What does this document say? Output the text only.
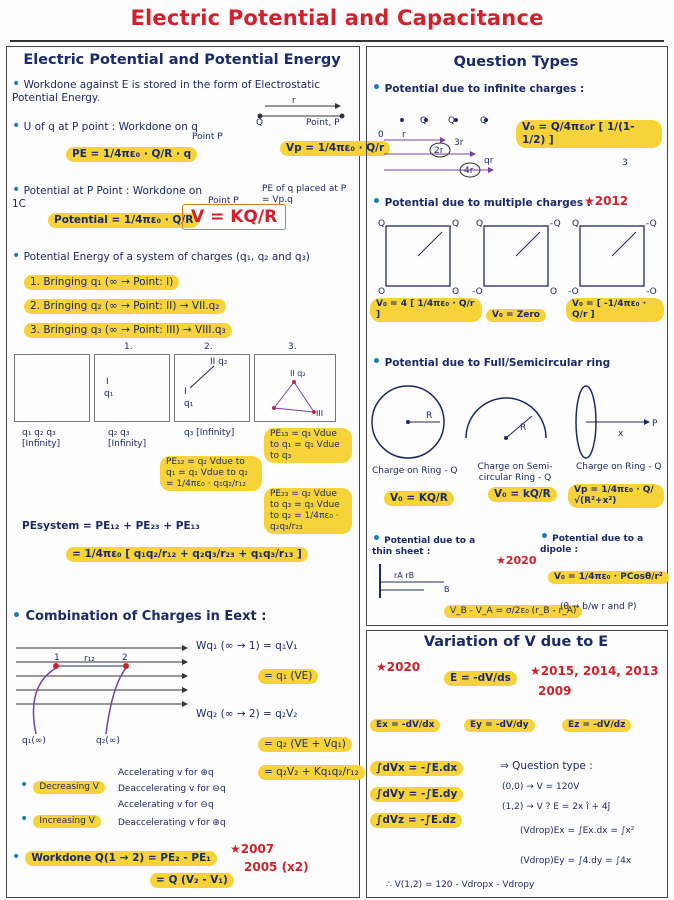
Electric Potential and Capacitance
Electric Potential and Potential Energy
• Workdone against E is stored in the form of Electrostatic Potential Energy.
• U of q at P point : Workdone on q
Point P
r
Q	Point, P
PE = 1/4πε₀ · Q/R · q	Vp = 1/4πε₀ · Q/r
• Potential at P Point : Workdone on 1C	Point P
PE of q placed at P = Vp.q
Potential = 1/4πε₀ · Q/R
V = KQ/R
• Potential Energy of a system of charges (q₁, q₂ and q₃)
1. Bringing q₁ (∞ → Point: I)
2. Bringing q₂ (∞ → Point: II) → VII.q₂
3. Bringing q₃ (∞ → Point: III) → VIII.q₃
1.	2.	3.
I
q₁	I
q₁
II q₂
II q₂
III
q₁ q₂ q₃ [Infinity]
q₂ q₃ [Infinity]
q₃ [Infinity]
PE₁₂ = q₂ Vdue to q₁ = q₁ Vdue to q₂ = 1/4πε₀ · q₁q₂/r₁₂
PE₁₃ = q₃ Vdue to q₁ = q₁ Vdue to q₃
PE₂₃ = q₂ Vdue to q₃ = q₃ Vdue to q₂ = 1/4πε₀ · q₂q₃/r₂₃
PEsystem = PE₁₂ + PE₂₃ + PE₁₃
= 1/4πε₀ [ q₁q₂/r₁₂ + q₂q₃/r₂₃ + q₁q₃/r₁₃ ]
• Combination of Charges in Eext :
1	2
r₁₂
q₁(∞)	q₂(∞)
Wq₁ (∞ → 1) = q₁V₁
= q₁ (VE)
Wq₂ (∞ → 2) = q₂V₂
= q₂ (VE + Vq₁)
= q₂V₂ + Kq₁q₂/r₁₂
• Decreasing V
Accelerating v for ⊕q
Deaccelerating v for ⊖q
• Increasing V
Accelerating v for ⊖q
Deaccelerating v for ⊕q
• Workdone Q(1 → 2) = PE₂ - PE₁
= Q (V₂ - V₁)
★2007
2005 (x2)
Question Types
• Potential due to infinite charges :
0 r
Q Q	Q
2r
3r
4r
qr	3
V₀ = Q/4πε₀r [ 1/(1-1/2) ]
• Potential due to multiple charges :
★2012
Q	Q
Q	Q
Q	-Q
-Q	Q
Q	-Q
-Q	-Q
V₀ = 4 [ 1/4πε₀ · Q/r ]	V₀ = Zero
V₀ = [ -1/4πε₀ · Q/r ]
• Potential due to Full/Semicircular ring
R
R	P
x
Charge on Ring - Q	Charge on Semi-circular Ring - Q
Charge on Ring - Q
V₀ = KQ/R	V₀ = kQ/R	Vp = 1/4πε₀ · Q/√(R²+x²)
• Potential due to a thin sheet :
★2020
rA rB
B
V_B - V_A = σ/2ε₀ (r_B - r_A)
• Potential due to a dipole :
V₀ = 1/4πε₀ · PCosθ/r²
(θ → b/w r and P)
Variation of V due to E
★2020
E = -dV/ds	★2015, 2014, 2013
2009
Ex = -dV/dx	Ey = -dV/dy	Ez = -dV/dz
∫dVx = -∫E.dx
∫dVy = -∫E.dy
∫dVz = -∫E.dz
⇒ Question type :
(0,0) → V = 120V
(1,2) → V ? E = 2x î + 4ĵ
(Vdrop)Ex = ∫Ex.dx = ∫x²
(Vdrop)Ey = ∫4.dy = ∫4x
∴ V(1,2) = 120 - Vdropx - Vdropy
